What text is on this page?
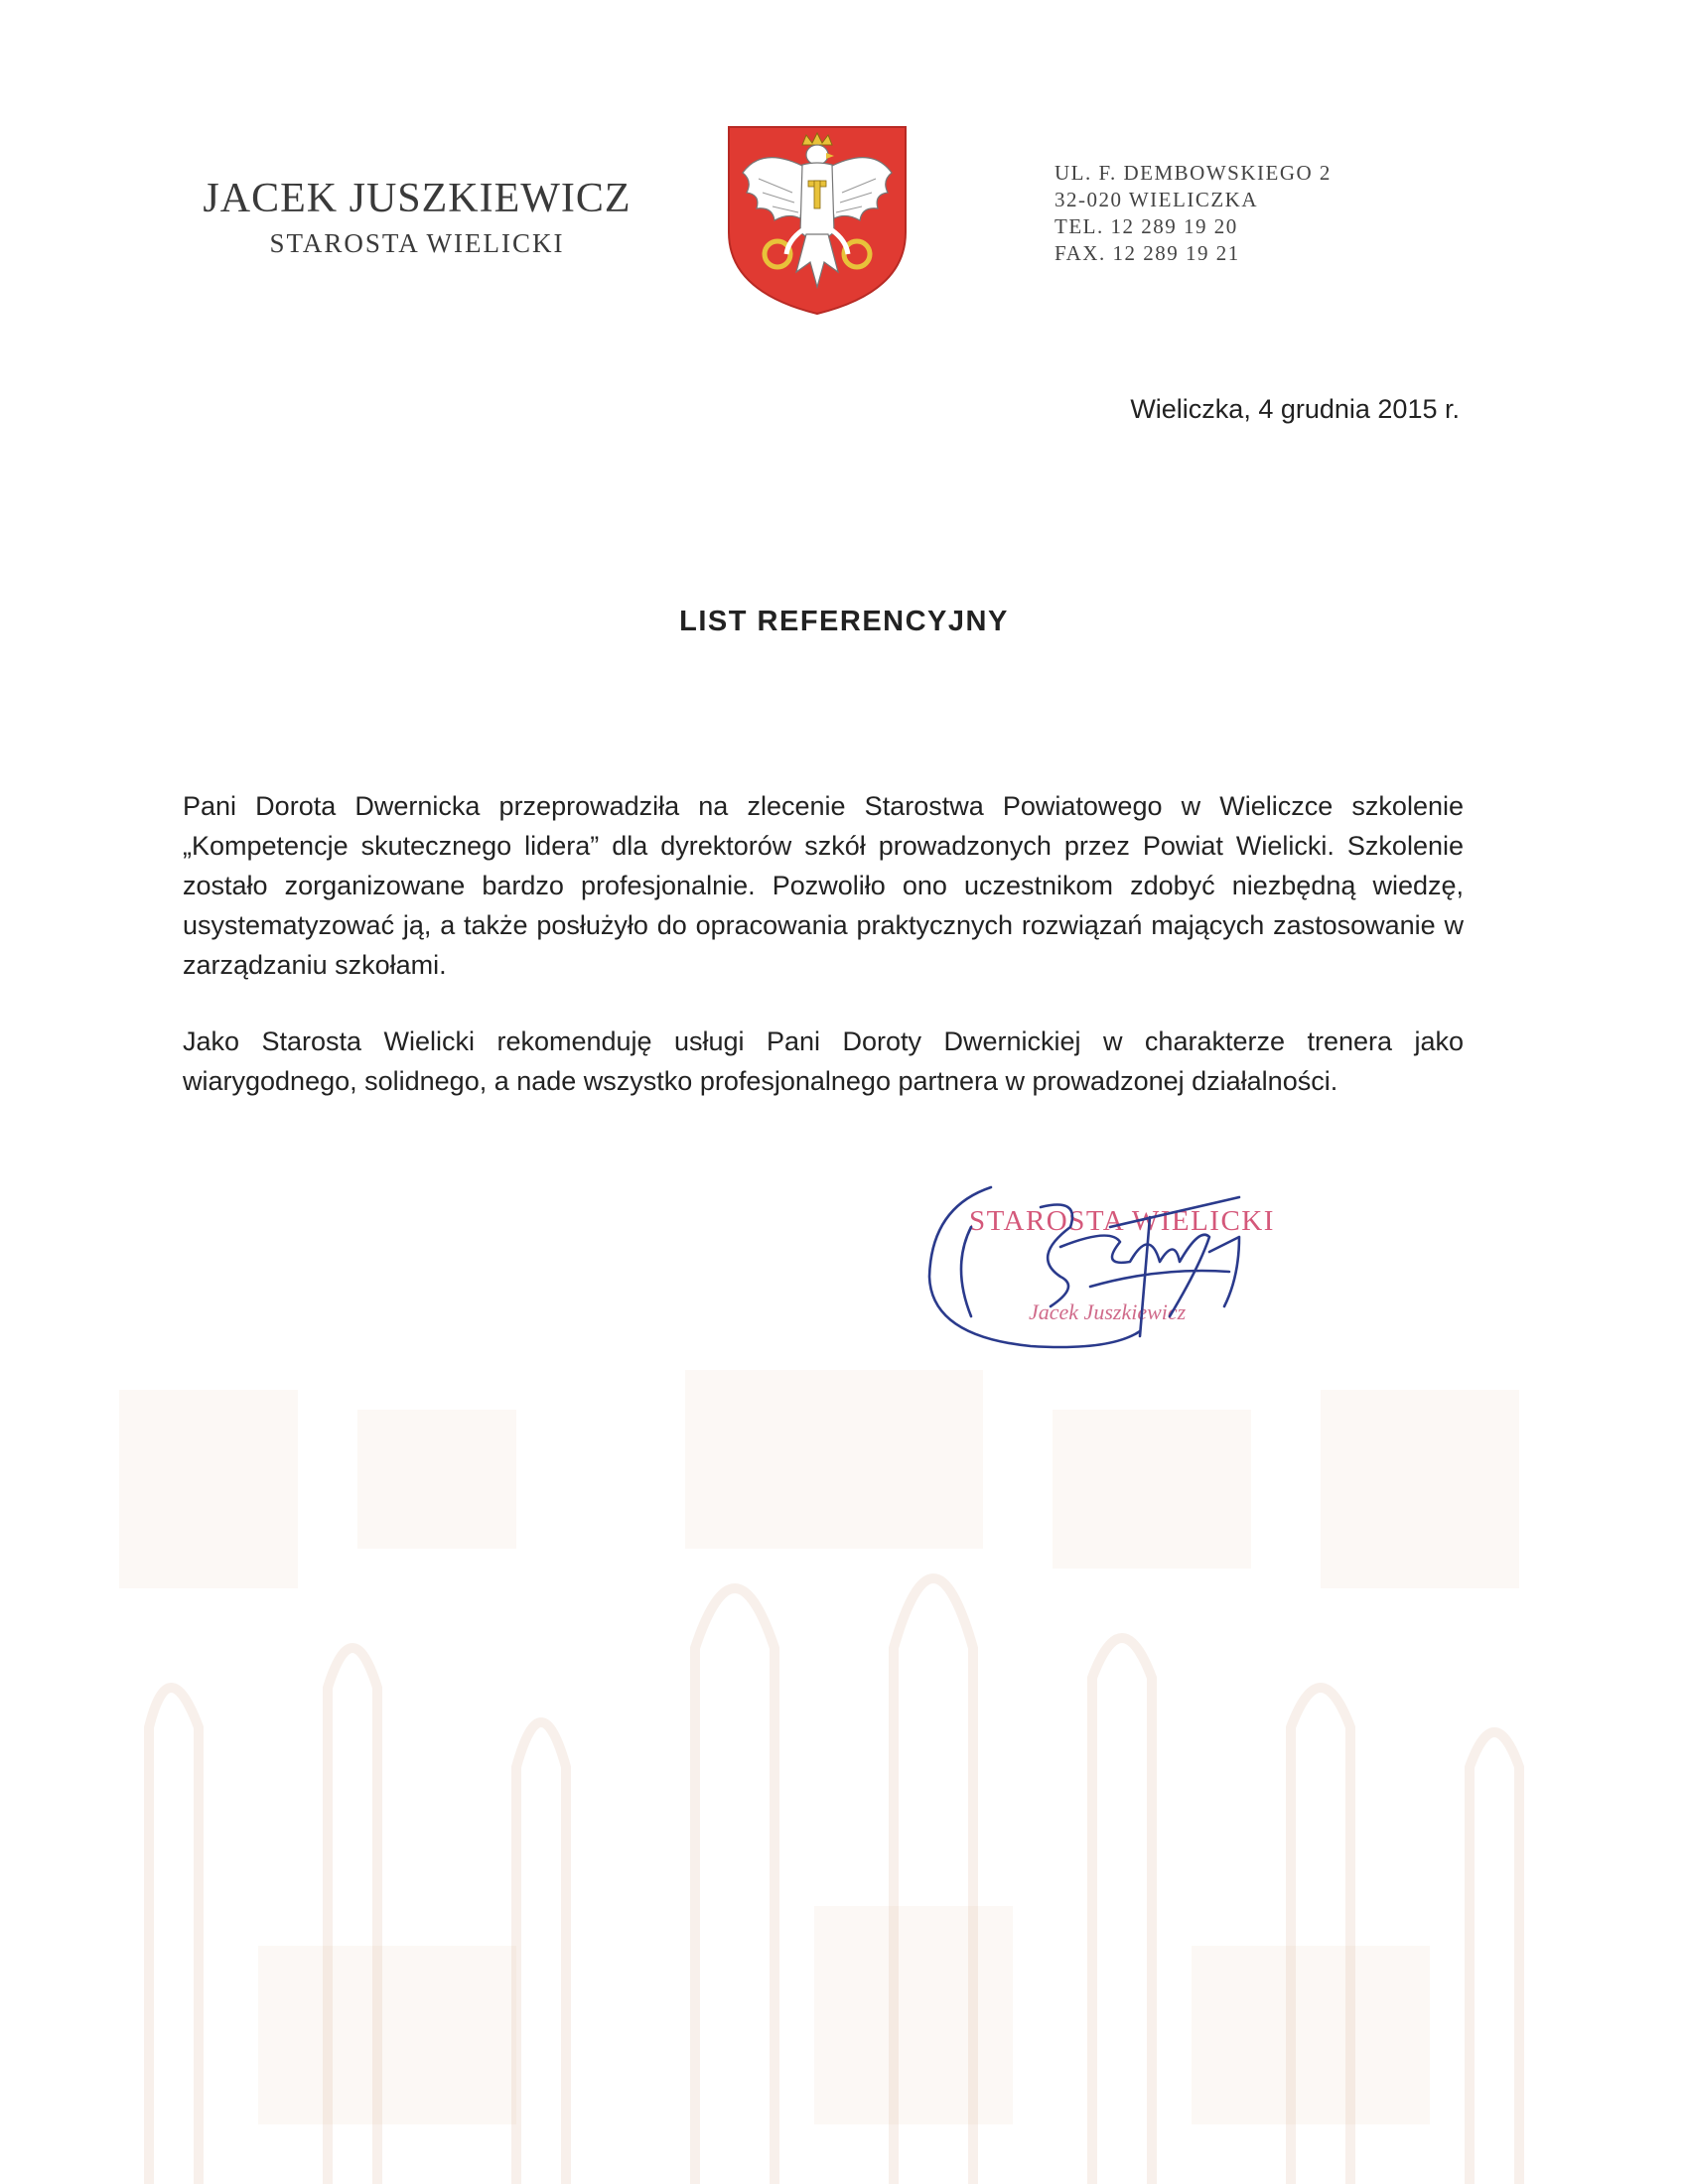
JACEK JUSZKIEWICZ
STAROSTA WIELICKI
UL. F. DEMBOWSKIEGO 2
32-020 WIELICZKA
TEL. 12 289 19 20
FAX. 12 289 19 21
Wieliczka, 4 grudnia 2015 r.
LIST REFERENCYJNY

Pani Dorota Dwernicka przeprowadziła na zlecenie Starostwa Powiatowego w Wieliczce szkolenie „Kompetencje skutecznego lidera” dla dyrektorów szkół prowadzonych przez Powiat Wielicki. Szkolenie zostało zorganizowane bardzo profesjonalnie. Pozwoliło ono uczestnikom zdobyć niezbędną wiedzę, usystematyzować ją, a także posłużyło do opracowania praktycznych rozwiązań mających zastosowanie w zarządzaniu szkołami.

Jako Starosta Wielicki rekomenduję usługi Pani Doroty Dwernickiej w charakterze trenera jako wiarygodnego, solidnego, a nade wszystko profesjonalnego partnera w prowadzonej działalności.

STAROSTA WIELICKI
Jacek Juszkiewicz
